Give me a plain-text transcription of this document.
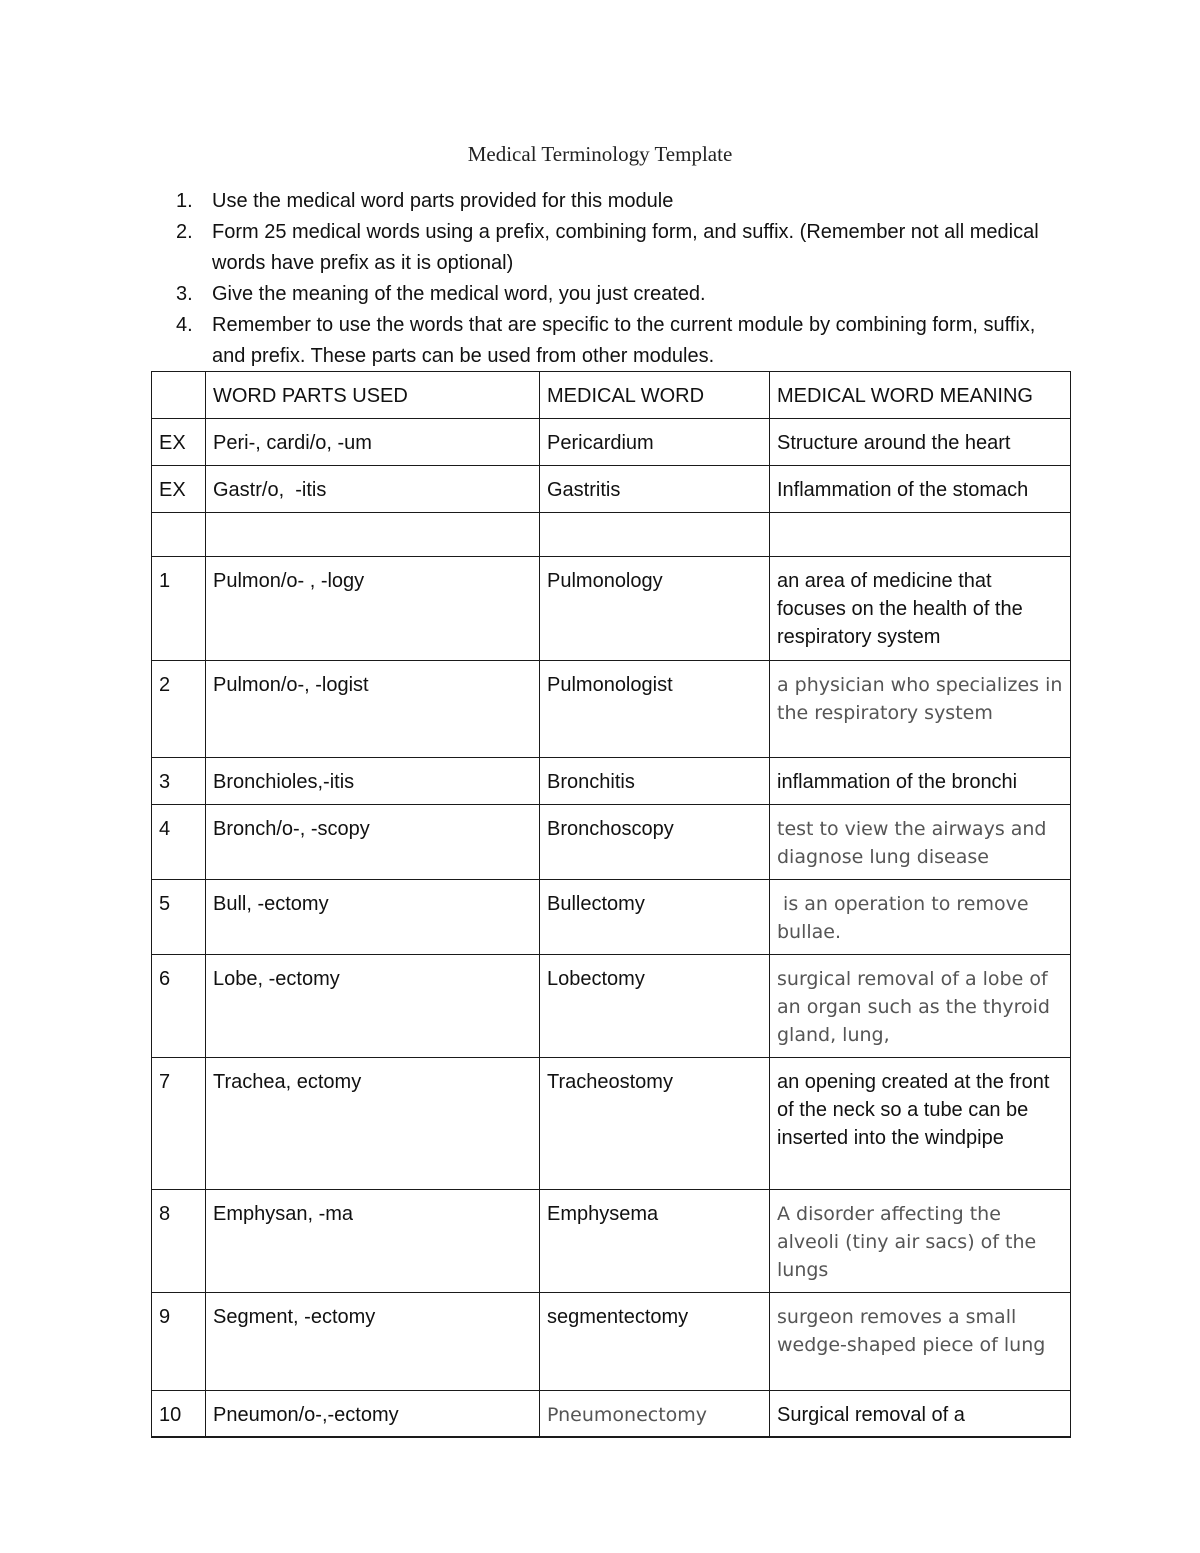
Medical Terminology Template
1. Use the medical word parts provided for this module
2. Form 25 medical words using a prefix, combining form, and suffix. (Remember not all medical words have prefix as it is optional)
3. Give the meaning of the medical word, you just created.
4. Remember to use the words that are specific to the current module by combining form, suffix, and prefix. These parts can be used from other modules.
	WORD PARTS USED	MEDICAL WORD	MEDICAL WORD MEANING
EX	Peri-, cardi/o, -um	Pericardium	Structure around the heart
EX	Gastr/o,  -itis	Gastritis	Inflammation of the stomach

1	Pulmon/o- , -logy	Pulmonology	an area of medicine that focuses on the health of the respiratory system
2	Pulmon/o-, -logist	Pulmonologist	a physician who specializes in the respiratory system
3	Bronchioles,-itis	Bronchitis	inflammation of the bronchi
4	Bronch/o-, -scopy	Bronchoscopy	test to view the airways and diagnose lung disease
5	Bull, -ectomy	Bullectomy	is an operation to remove bullae.
6	Lobe, -ectomy	Lobectomy	surgical removal of a lobe of an organ such as the thyroid gland, lung,
7	Trachea, ectomy	Tracheostomy	an opening created at the front of the neck so a tube can be inserted into the windpipe
8	Emphysan, -ma	Emphysema	A disorder affecting the alveoli (tiny air sacs) of the lungs
9	Segment, -ectomy	segmentectomy	surgeon removes a small wedge-shaped piece of lung
10	Pneumon/o-,-ectomy	Pneumonectomy	Surgical removal of a
